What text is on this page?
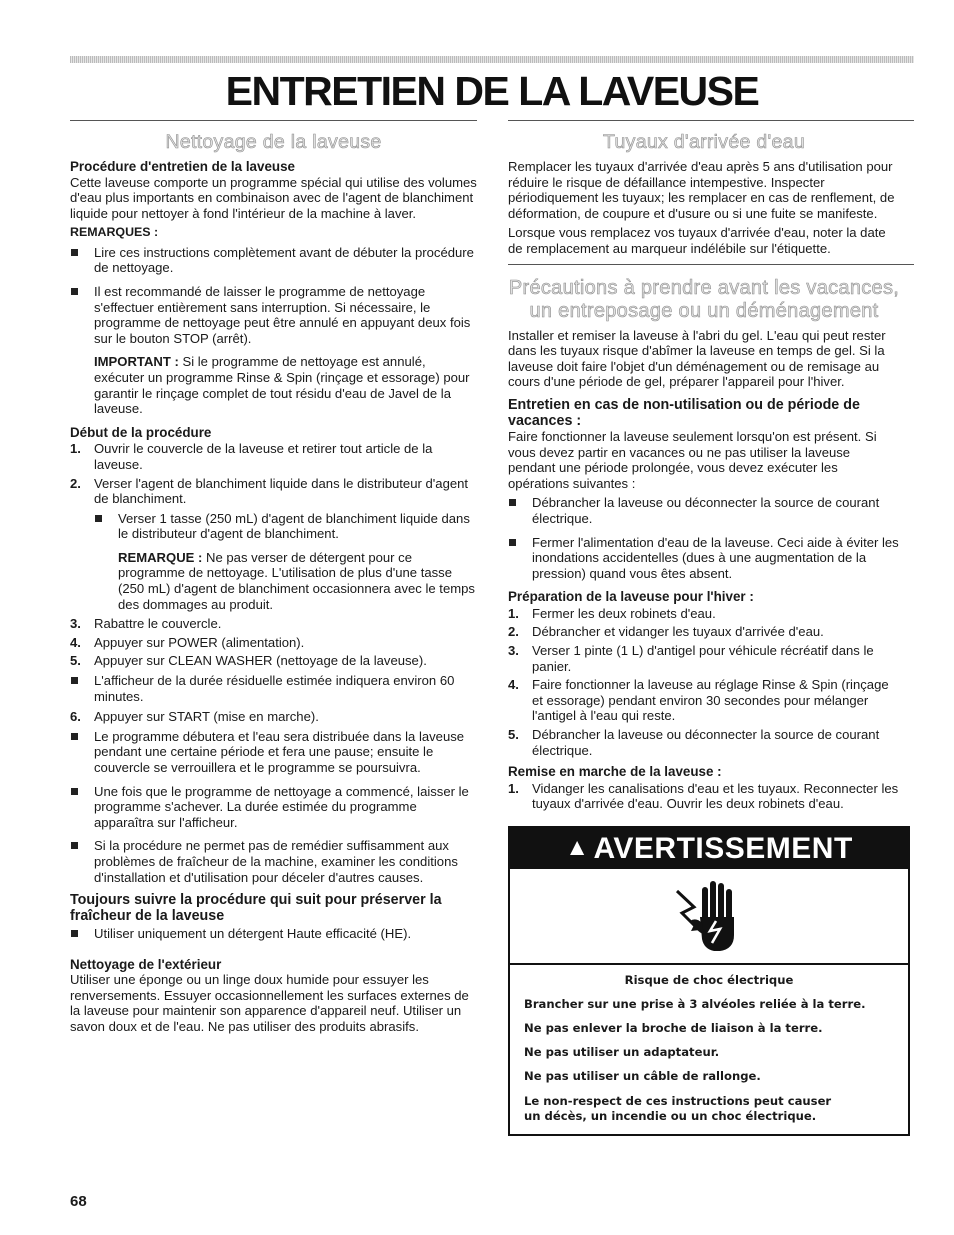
ENTRETIEN DE LA LAVEUSE
Nettoyage de la laveuse
Procédure d'entretien de la laveuse

Cette laveuse comporte un programme spécial qui utilise des volumes d'eau plus importants en combinaison avec de l'agent de blanchiment liquide pour nettoyer à fond l'intérieur de la machine à laver.

REMARQUES :
Lire ces instructions complètement avant de débuter la procédure de nettoyage.
Il est recommandé de laisser le programme de nettoyage s'effectuer entièrement sans interruption. Si nécessaire, le programme de nettoyage peut être annulé en appuyant deux fois sur le bouton STOP (arrêt).

IMPORTANT : Si le programme de nettoyage est annulé, exécuter un programme Rinse & Spin (rinçage et essorage) pour garantir le rinçage complet de tout résidu d'eau de Javel de la laveuse.

Début de la procédure
1. Ouvrir le couvercle de la laveuse et retirer tout article de la laveuse.
2. Verser l'agent de blanchiment liquide dans le distributeur d'agent de blanchiment.
Verser 1 tasse (250 mL) d'agent de blanchiment liquide dans le distributeur d'agent de blanchiment.

REMARQUE : Ne pas verser de détergent pour ce programme de nettoyage. L'utilisation de plus d'une tasse (250 mL) d'agent de blanchiment occasionnera avec le temps des dommages au produit.

3. Rabattre le couvercle.
4. Appuyer sur POWER (alimentation).
5. Appuyer sur CLEAN WASHER (nettoyage de la laveuse).
L'afficheur de la durée résiduelle estimée indiquera environ 60 minutes.
6. Appuyer sur START (mise en marche).
Le programme débutera et l'eau sera distribuée dans la laveuse pendant une certaine période et fera une pause; ensuite le couvercle se verrouillera et le programme se poursuivra.
Une fois que le programme de nettoyage a commencé, laisser le programme s'achever. La durée estimée du programme apparaîtra sur l'afficheur.
Si la procédure ne permet pas de remédier suffisamment aux problèmes de fraîcheur de la machine, examiner les conditions d'installation et d'utilisation pour déceler d'autres causes.
Toujours suivre la procédure qui suit pour préserver la fraîcheur de la laveuse
Utiliser uniquement un détergent Haute efficacité (HE).
Nettoyage de l'extérieur

Utiliser une éponge ou un linge doux humide pour essuyer les renversements. Essuyer occasionnellement les surfaces externes de la laveuse pour maintenir son apparence d'appareil neuf. Utiliser un savon doux et de l'eau. Ne pas utiliser des produits abrasifs.

Tuyaux d'arrivée d'eau

Remplacer les tuyaux d'arrivée d'eau après 5 ans d'utilisation pour réduire le risque de défaillance intempestive. Inspecter périodiquement les tuyaux; les remplacer en cas de renflement, de déformation, de coupure et d'usure ou si une fuite se manifeste.

Lorsque vous remplacez vos tuyaux d'arrivée d'eau, noter la date de remplacement au marqueur indélébile sur l'étiquette.

Précautions à prendre avant les vacances,
un entreposage ou un déménagement

Installer et remiser la laveuse à l'abri du gel. L'eau qui peut rester dans les tuyaux risque d'abîmer la laveuse en temps de gel. Si la laveuse doit faire l'objet d'un déménagement ou de remisage au cours d'une période de gel, préparer l'appareil pour l'hiver.

Entretien en cas de non-utilisation ou de période de vacances :

Faire fonctionner la laveuse seulement lorsqu'on est présent. Si vous devez partir en vacances ou ne pas utiliser la laveuse pendant une période prolongée, vous devez exécuter les opérations suivantes :

Débrancher la laveuse ou déconnecter la source de courant électrique.
Fermer l'alimentation d'eau de la laveuse. Ceci aide à éviter les inondations accidentelles (dues à une augmentation de la pression) quand vous êtes absent.
Préparation de la laveuse pour l'hiver :
1. Fermer les deux robinets d'eau.
2. Débrancher et vidanger les tuyaux d'arrivée d'eau.
3. Verser 1 pinte (1 L) d'antigel pour véhicule récréatif dans le panier.
4. Faire fonctionner la laveuse au réglage Rinse & Spin (rinçage et essorage) pendant environ 30 secondes pour mélanger l'antigel à l'eau qui reste.
5. Débrancher la laveuse ou déconnecter la source de courant électrique.
Remise en marche de la laveuse :
1. Vidanger les canalisations d'eau et les tuyaux. Reconnecter les tuyaux d'arrivée d'eau. Ouvrir les deux robinets d'eau.
▲ AVERTISSEMENT
Risque de choc électrique
Brancher sur une prise à 3 alvéoles reliée à la terre.
Ne pas enlever la broche de liaison à la terre.
Ne pas utiliser un adaptateur.
Ne pas utiliser un câble de rallonge.
Le non-respect de ces instructions peut causer
un décès, un incendie ou un choc électrique.
68
